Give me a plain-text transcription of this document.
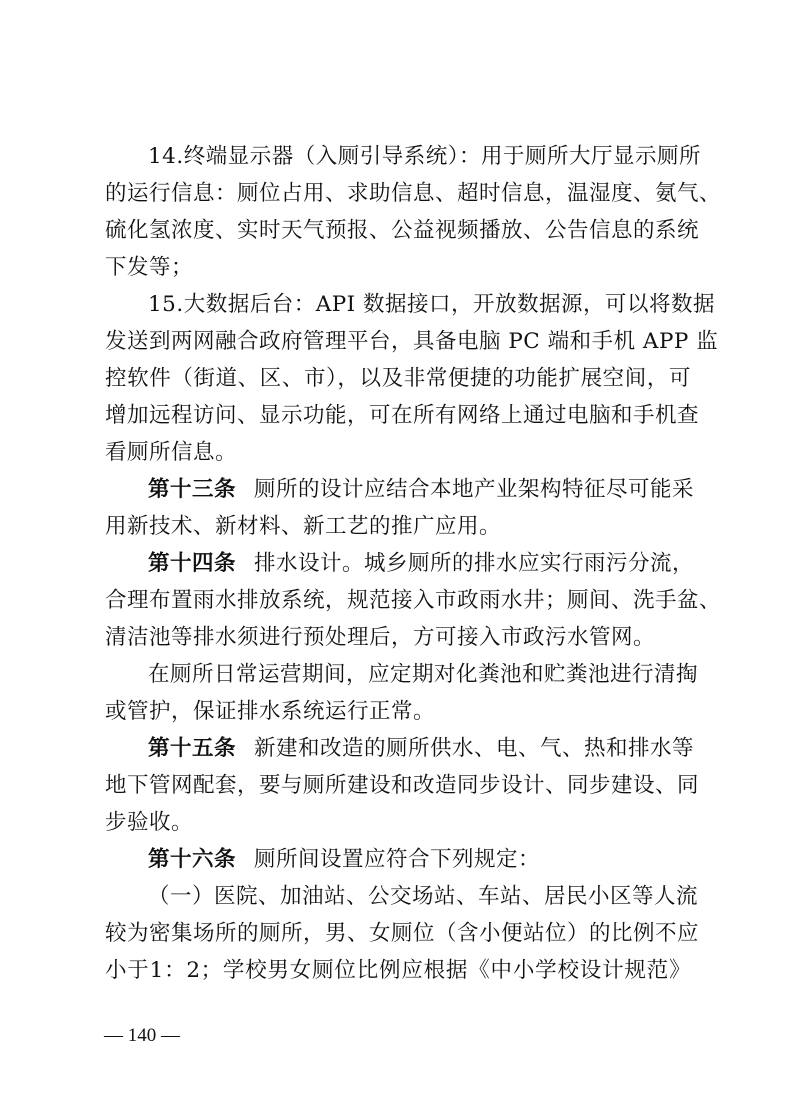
14.终端显示器（入厕引导系统）：用于厕所大厅显示厕所
的运行信息：厕位占用、求助信息、超时信息，温湿度、氨气、
硫化氢浓度、实时天气预报、公益视频播放、公告信息的系统
下发等；
15.大数据后台：API 数据接口，开放数据源，可以将数据
发送到两网融合政府管理平台，具备电脑 PC 端和手机 APP 监
控软件（街道、区、市），以及非常便捷的功能扩展空间，可
增加远程访问、显示功能，可在所有网络上通过电脑和手机查
看厕所信息。
第十三条 厕所的设计应结合本地产业架构特征尽可能采
用新技术、新材料、新工艺的推广应用。
第十四条 排水设计。城乡厕所的排水应实行雨污分流，
合理布置雨水排放系统，规范接入市政雨水井；厕间、洗手盆、
清洁池等排水须进行预处理后，方可接入市政污水管网。
在厕所日常运营期间，应定期对化粪池和贮粪池进行清掏
或管护，保证排水系统运行正常。
第十五条 新建和改造的厕所供水、电、气、热和排水等
地下管网配套，要与厕所建设和改造同步设计、同步建设、同
步验收。
第十六条 厕所间设置应符合下列规定：
（一）医院、加油站、公交场站、车站、居民小区等人流
较为密集场所的厕所，男、女厕位（含小便站位）的比例不应
小于1：2；学校男女厕位比例应根据《中小学校设计规范》
— 140 —
